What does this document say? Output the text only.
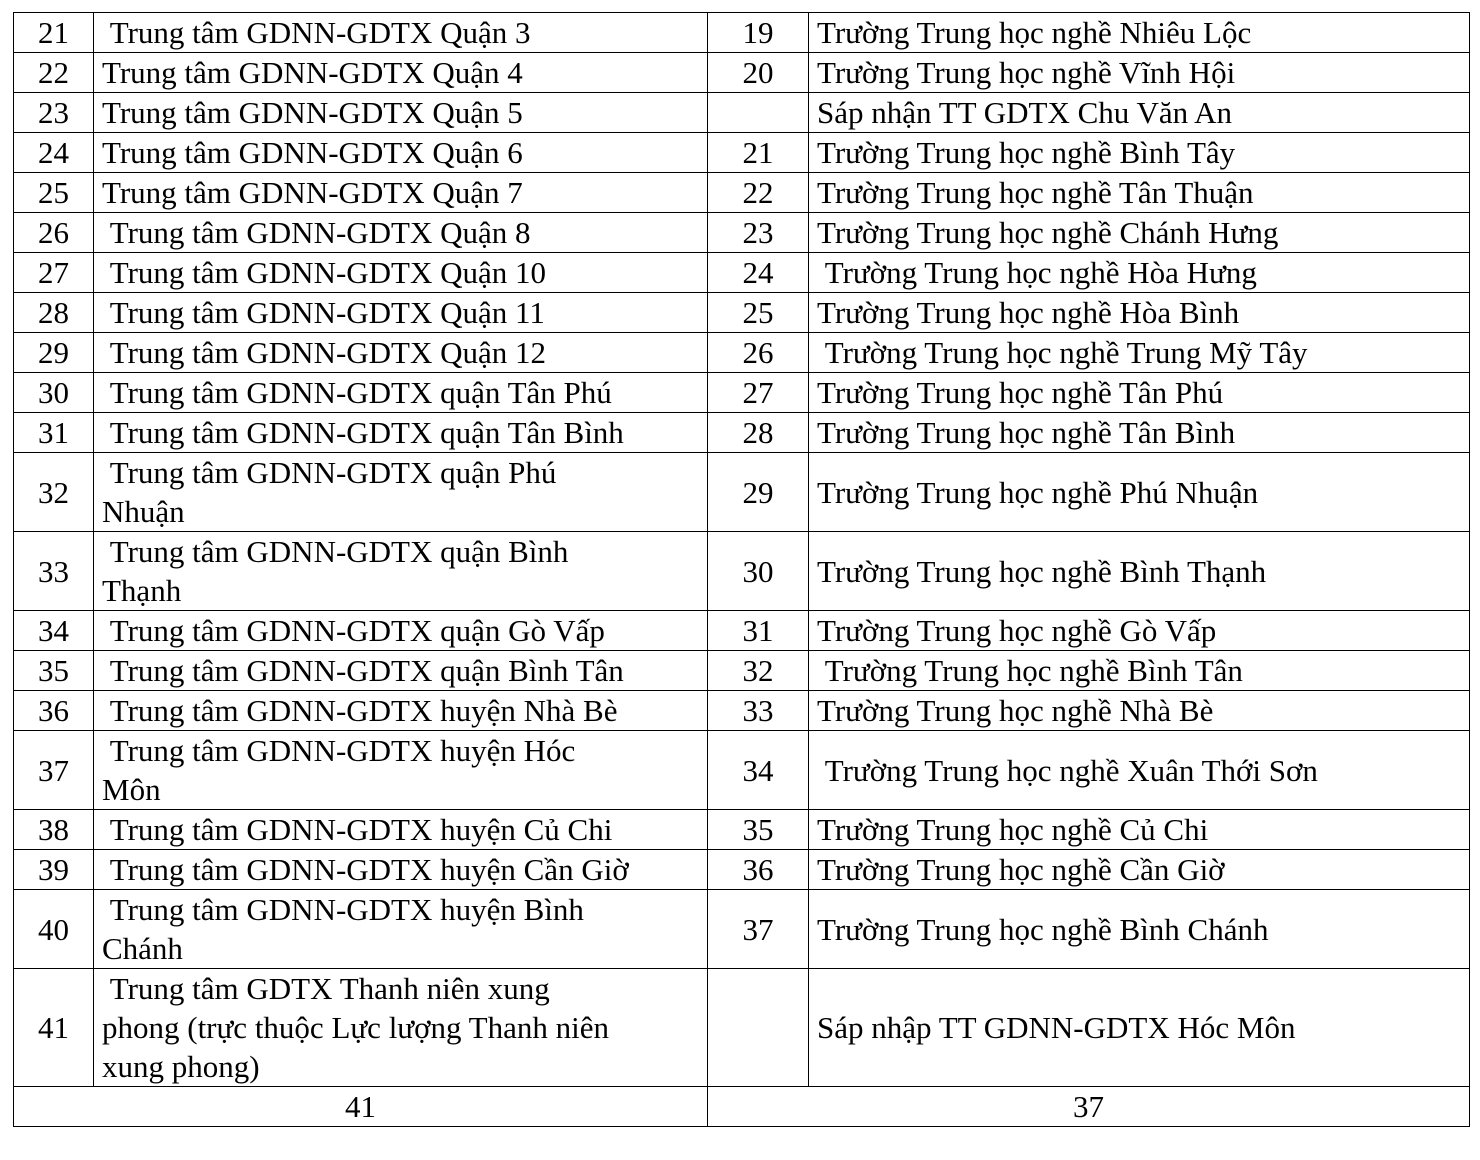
21	Trung tâm GDNN-GDTX Quận 3	19	Trường Trung học nghề Nhiêu Lộc
22	Trung tâm GDNN-GDTX Quận 4	20	Trường Trung học nghề Vĩnh Hội
23	Trung tâm GDNN-GDTX Quận 5		Sáp nhận TT GDTX Chu Văn An
24	Trung tâm GDNN-GDTX Quận 6	21	Trường Trung học nghề Bình Tây
25	Trung tâm GDNN-GDTX Quận 7	22	Trường Trung học nghề Tân Thuận
26	Trung tâm GDNN-GDTX Quận 8	23	Trường Trung học nghề Chánh Hưng
27	Trung tâm GDNN-GDTX Quận 10	24	Trường Trung học nghề Hòa Hưng
28	Trung tâm GDNN-GDTX Quận 11	25	Trường Trung học nghề Hòa Bình
29	Trung tâm GDNN-GDTX Quận 12	26	Trường Trung học nghề Trung Mỹ Tây
30	Trung tâm GDNN-GDTX quận Tân Phú	27	Trường Trung học nghề Tân Phú
31	Trung tâm GDNN-GDTX quận Tân Bình	28	Trường Trung học nghề Tân Bình
32	Trung tâm GDNN-GDTX quận Phú
Nhuận	29	Trường Trung học nghề Phú Nhuận
33	Trung tâm GDNN-GDTX quận Bình
Thạnh	30	Trường Trung học nghề Bình Thạnh
34	Trung tâm GDNN-GDTX quận Gò Vấp	31	Trường Trung học nghề Gò Vấp
35	Trung tâm GDNN-GDTX quận Bình Tân	32	Trường Trung học nghề Bình Tân
36	Trung tâm GDNN-GDTX huyện Nhà Bè	33	Trường Trung học nghề Nhà Bè
37	Trung tâm GDNN-GDTX huyện Hóc
Môn	34	Trường Trung học nghề Xuân Thới Sơn
38	Trung tâm GDNN-GDTX huyện Củ Chi	35	Trường Trung học nghề Củ Chi
39	Trung tâm GDNN-GDTX huyện Cần Giờ	36	Trường Trung học nghề Cần Giờ
40	Trung tâm GDNN-GDTX huyện Bình
Chánh	37	Trường Trung học nghề Bình Chánh
41	Trung tâm GDTX Thanh niên xung
phong (trực thuộc Lực lượng Thanh niên
xung phong)		Sáp nhập TT GDNN-GDTX Hóc Môn
41		37	
